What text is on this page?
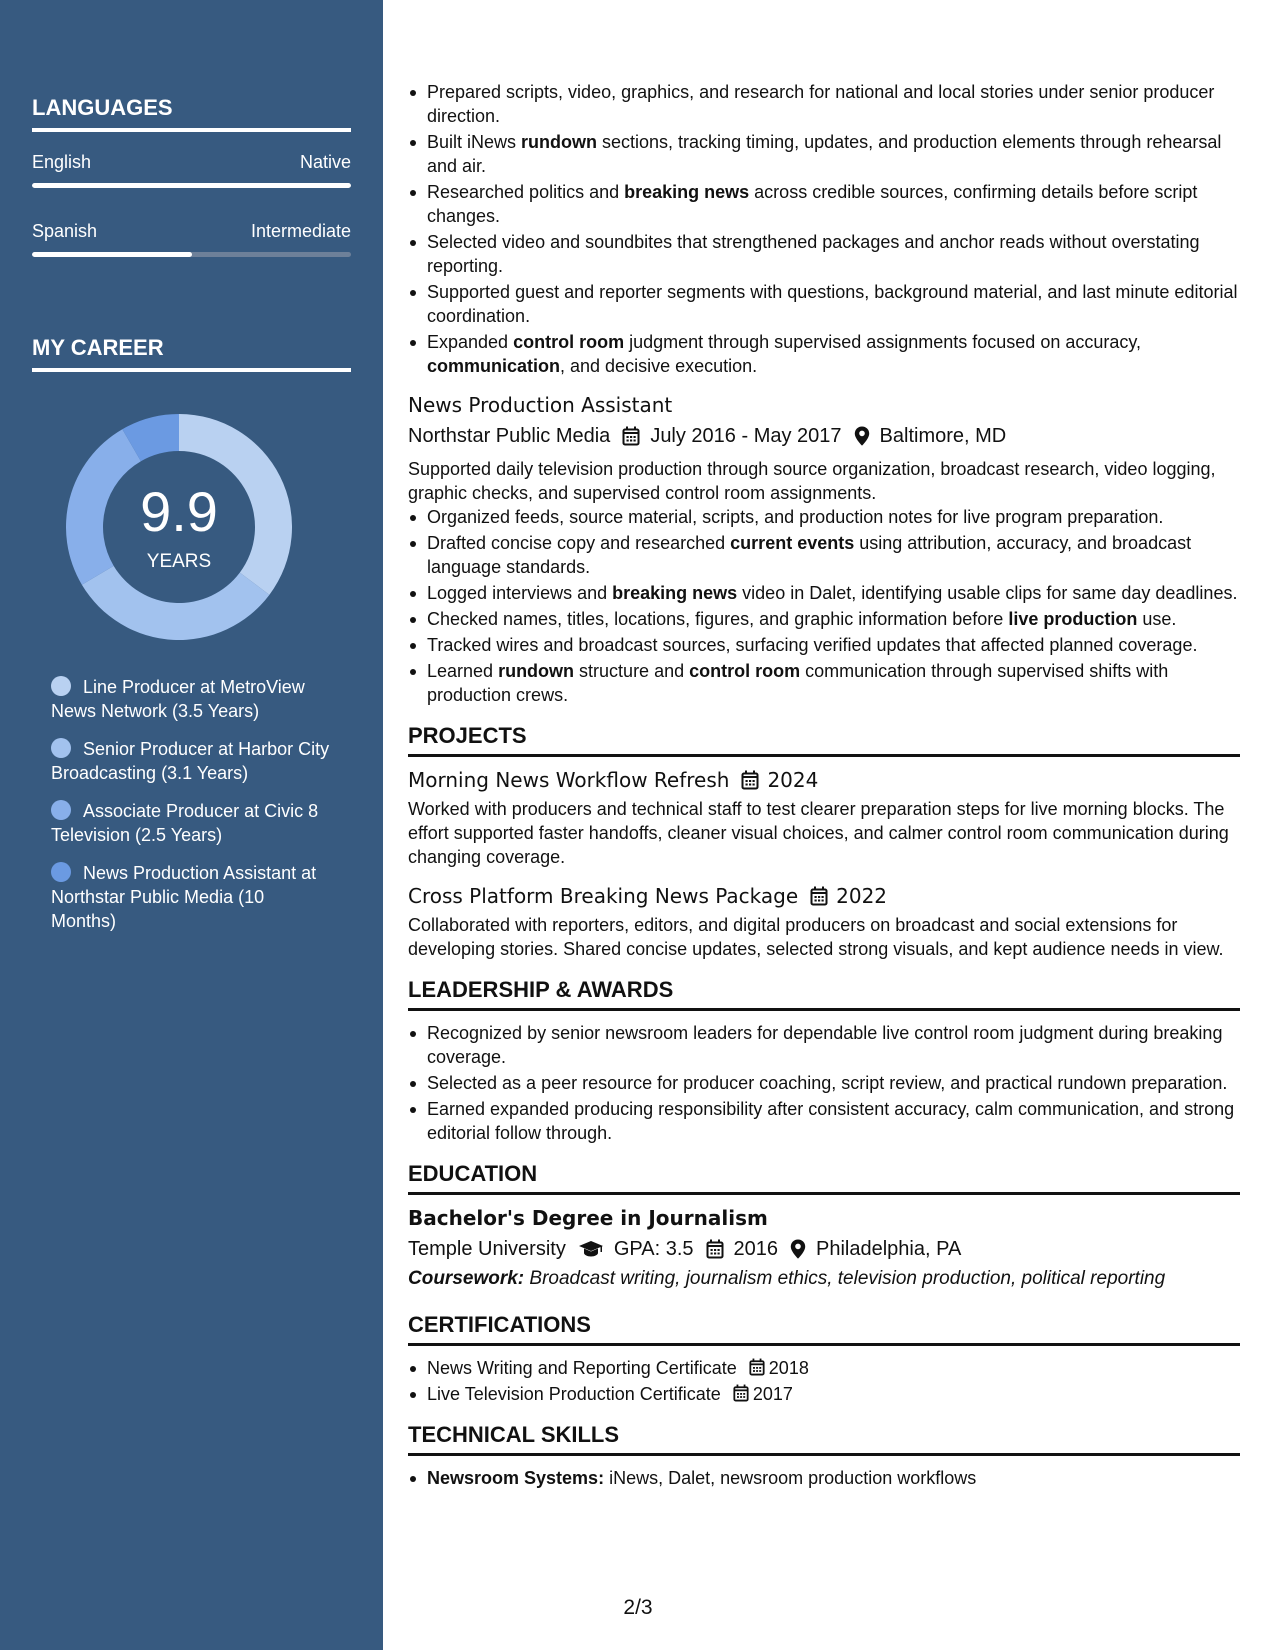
LANGUAGES
English	Native
Spanish	Intermediate
MY CAREER
9.9
YEARS
Line Producer at MetroView News Network (3.5 Years)
Senior Producer at Harbor City Broadcasting (3.1 Years)
Associate Producer at Civic 8 Television (2.5 Years)
News Production Assistant at Northstar Public Media (10 Months)
Prepared scripts, video, graphics, and research for national and local stories under senior producer direction.
Built iNews rundown sections, tracking timing, updates, and production elements through rehearsal and air.
Researched politics and breaking news across credible sources, confirming details before script changes.
Selected video and soundbites that strengthened packages and anchor reads without overstating reporting.
Supported guest and reporter segments with questions, background material, and last minute editorial coordination.
Expanded control room judgment through supervised assignments focused on accuracy, communication, and decisive execution.
News Production Assistant
Northstar Public Media July 2016 - May 2017 Baltimore, MD
Supported daily television production through source organization, broadcast research, video logging, graphic checks, and supervised control room assignments.
Organized feeds, source material, scripts, and production notes for live program preparation.
Drafted concise copy and researched current events using attribution, accuracy, and broadcast language standards.
Logged interviews and breaking news video in Dalet, identifying usable clips for same day deadlines.
Checked names, titles, locations, figures, and graphic information before live production use.
Tracked wires and broadcast sources, surfacing verified updates that affected planned coverage.
Learned rundown structure and control room communication through supervised shifts with production crews.
PROJECTS
Morning News Workflow Refresh 2024
Worked with producers and technical staff to test clearer preparation steps for live morning blocks. The effort supported faster handoffs, cleaner visual choices, and calmer control room communication during changing coverage.
Cross Platform Breaking News Package 2022
Collaborated with reporters, editors, and digital producers on broadcast and social extensions for developing stories. Shared concise updates, selected strong visuals, and kept audience needs in view.
LEADERSHIP & AWARDS
Recognized by senior newsroom leaders for dependable live control room judgment during breaking coverage.
Selected as a peer resource for producer coaching, script review, and practical rundown preparation.
Earned expanded producing responsibility after consistent accuracy, calm communication, and strong editorial follow through.
EDUCATION
Bachelor's Degree in Journalism
Temple University GPA: 3.5 2016 Philadelphia, PA
Coursework: Broadcast writing, journalism ethics, television production, political reporting
CERTIFICATIONS
News Writing and Reporting Certificate 2018
Live Television Production Certificate 2017
TECHNICAL SKILLS
Newsroom Systems: iNews, Dalet, newsroom production workflows
2/3
